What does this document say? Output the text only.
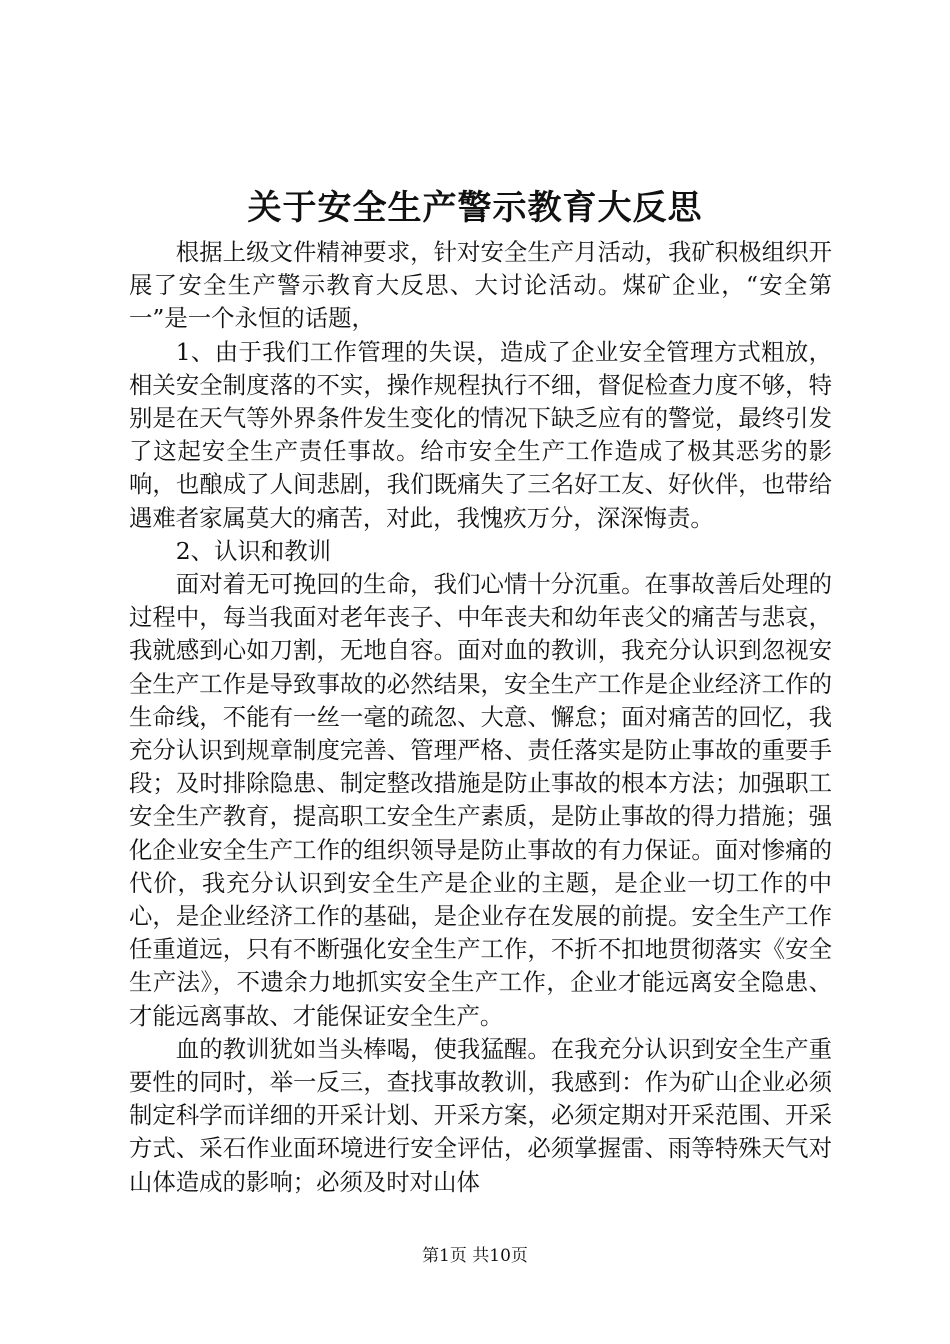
关于安全生产警示教育大反思

根据上级文件精神要求，针对安全生产月活动，我矿积极组织开展了安全生产警示教育大反思、大讨论活动。煤矿企业，“安全第一”是一个永恒的话题，

1、由于我们工作管理的失误，造成了企业安全管理方式粗放，相关安全制度落的不实，操作规程执行不细，督促检查力度不够，特别是在天气等外界条件发生变化的情况下缺乏应有的警觉，最终引发了这起安全生产责任事故。给市安全生产工作造成了极其恶劣的影响，也酿成了人间悲剧，我们既痛失了三名好工友、好伙伴，也带给遇难者家属莫大的痛苦，对此，我愧疚万分，深深悔责。

2、认识和教训

面对着无可挽回的生命，我们心情十分沉重。在事故善后处理的过程中，每当我面对老年丧子、中年丧夫和幼年丧父的痛苦与悲哀，我就感到心如刀割，无地自容。面对血的教训，我充分认识到忽视安全生产工作是导致事故的必然结果，安全生产工作是企业经济工作的生命线，不能有一丝一毫的疏忽、大意、懈怠；面对痛苦的回忆，我充分认识到规章制度完善、管理严格、责任落实是防止事故的重要手段；及时排除隐患、制定整改措施是防止事故的根本方法；加强职工安全生产教育，提高职工安全生产素质，是防止事故的得力措施；强化企业安全生产工作的组织领导是防止事故的有力保证。面对惨痛的代价，我充分认识到安全生产是企业的主题，是企业一切工作的中心，是企业经济工作的基础，是企业存在发展的前提。安全生产工作任重道远，只有不断强化安全生产工作，不折不扣地贯彻落实《安全生产法》，不遗余力地抓实安全生产工作，企业才能远离安全隐患、才能远离事故、才能保证安全生产。

血的教训犹如当头棒喝，使我猛醒。在我充分认识到安全生产重要性的同时，举一反三，查找事故教训，我感到：作为矿山企业必须制定科学而详细的开采计划、开采方案，必须定期对开采范围、开采方式、采石作业面环境进行安全评估，必须掌握雷、雨等特殊天气对山体造成的影响；必须及时对山体

第1页 共10页
